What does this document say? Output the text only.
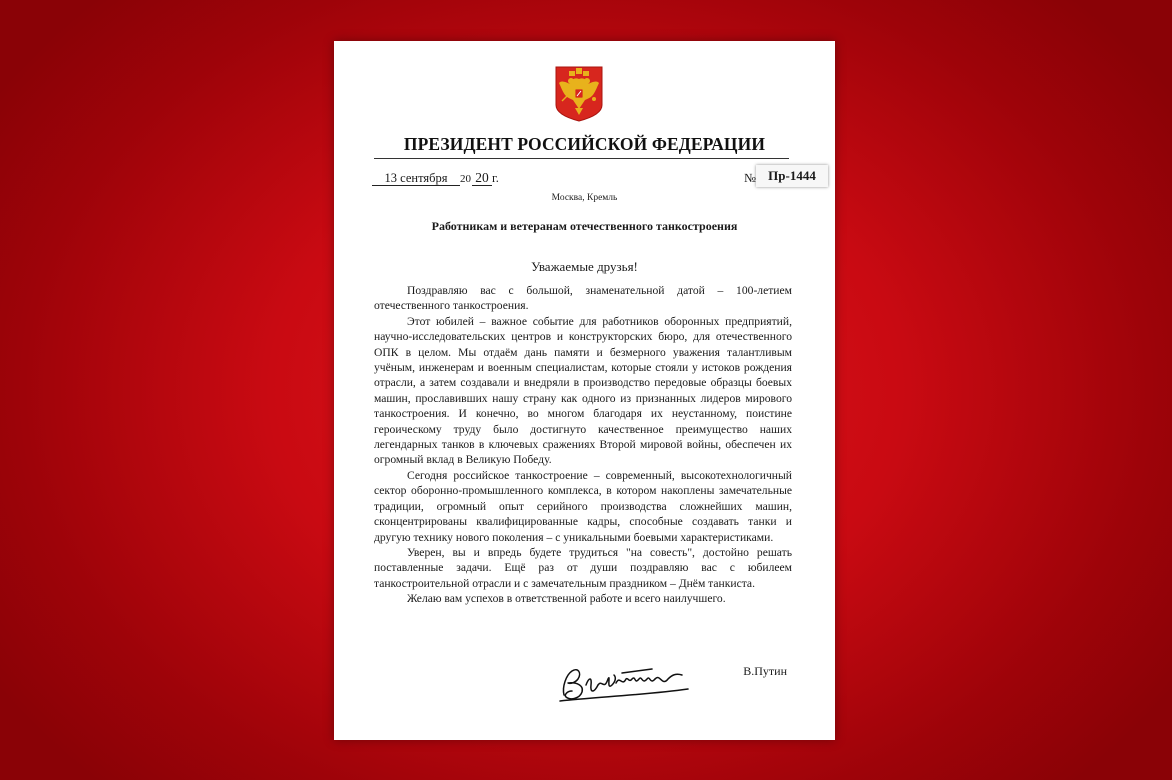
ПРЕЗИДЕНТ РОССИЙСКОЙ ФЕДЕРАЦИИ
13 сентября 20 20 г.	№ Пр-1444
Москва, Кремль
Работникам и ветеранам отечественного танкостроения
Уважаемые друзья!

Поздравляю вас с большой, знаменательной датой – 100-летием отечественного танкостроения.

Этот юбилей – важное событие для работников оборонных предприятий, научно-исследовательских центров и конструкторских бюро, для отечественного ОПК в целом. Мы отдаём дань памяти и безмерного уважения талантливым учёным, инженерам и военным специалистам, которые стояли у истоков рождения отрасли, а затем создавали и внедряли в производство передовые образцы боевых машин, прославивших нашу страну как одного из признанных лидеров мирового танкостроения. И конечно, во многом благодаря их неустанному, поистине героическому труду было достигнуто качественное преимущество наших легендарных танков в ключевых сражениях Второй мировой войны, обеспечен их огромный вклад в Великую Победу.

Сегодня российское танкостроение – современный, высокотехнологичный сектор оборонно-промышленного комплекса, в котором накоплены замечательные традиции, огромный опыт серийного производства сложнейших машин, сконцентрированы квалифицированные кадры, способные создавать танки и другую технику нового поколения – с уникальными боевыми характеристиками.

Уверен, вы и впредь будете трудиться "на совесть", достойно решать поставленные задачи. Ещё раз от души поздравляю вас с юбилеем танкостроительной отрасли и с замечательным праздником – Днём танкиста.

Желаю вам успехов в ответственной работе и всего наилучшего.

В.Путин
